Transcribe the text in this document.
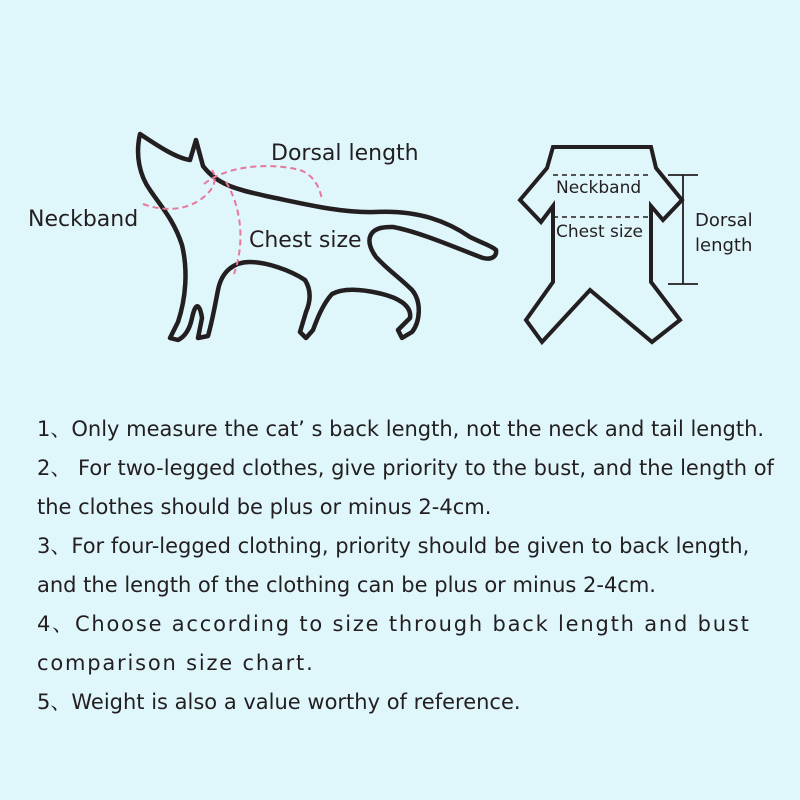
Dorsal length
Neckband
Chest size
Neckband
Chest size
Dorsal
length
1、Only measure the cat’ s back length, not the neck and tail length.
2、 For two-legged clothes, give priority to the bust, and the length of the clothes should be plus or minus 2-4cm.
3、For four-legged clothing, priority should be given to back length, and the length of the clothing can be plus or minus 2-4cm.
4、Choose according to size through back length and bust comparison size chart.
5、Weight is also a value worthy of reference.
